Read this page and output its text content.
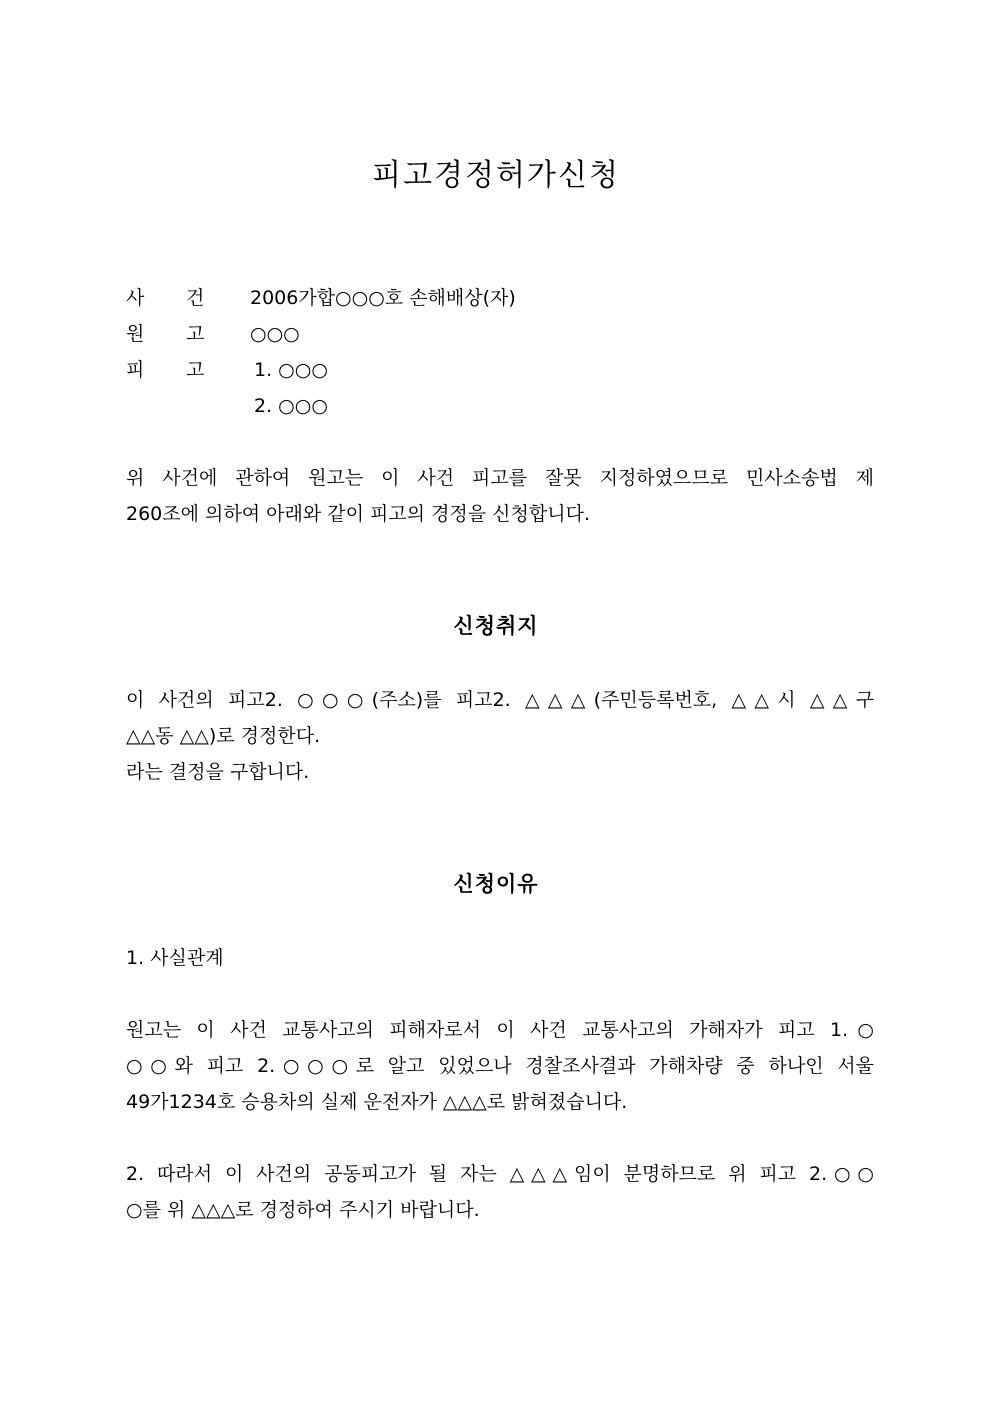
피고경정허가신청
사 건 2006가합○○○호 손해배상(자)
원 고 ○○○
피 고	1. ○○○
2. ○○○
위 사건에 관하여 원고는 이 사건 피고를 잘못 지정하였으므로 민사소송법 제
260조에 의하여 아래와 같이 피고의 경정을 신청합니다.
신청취지
이 사건의 피고2. ○○○(주소)를 피고2. △△△(주민등록번호, △△시 △△구
△△동 △△)로 경정한다.
라는 결정을 구합니다.
신청이유
1. 사실관계
원고는 이 사건 교통사고의 피해자로서 이 사건 교통사고의 가해자가 피고 1.○
○○와 피고 2.○○○로 알고 있었으나 경찰조사결과 가해차량 중 하나인 서울
49가1234호 승용차의 실제 운전자가 △△△로 밝혀졌습니다.
2. 따라서 이 사건의 공동피고가 될 자는 △△△임이 분명하므로 위 피고 2.○○
○를 위 △△△로 경정하여 주시기 바랍니다.
